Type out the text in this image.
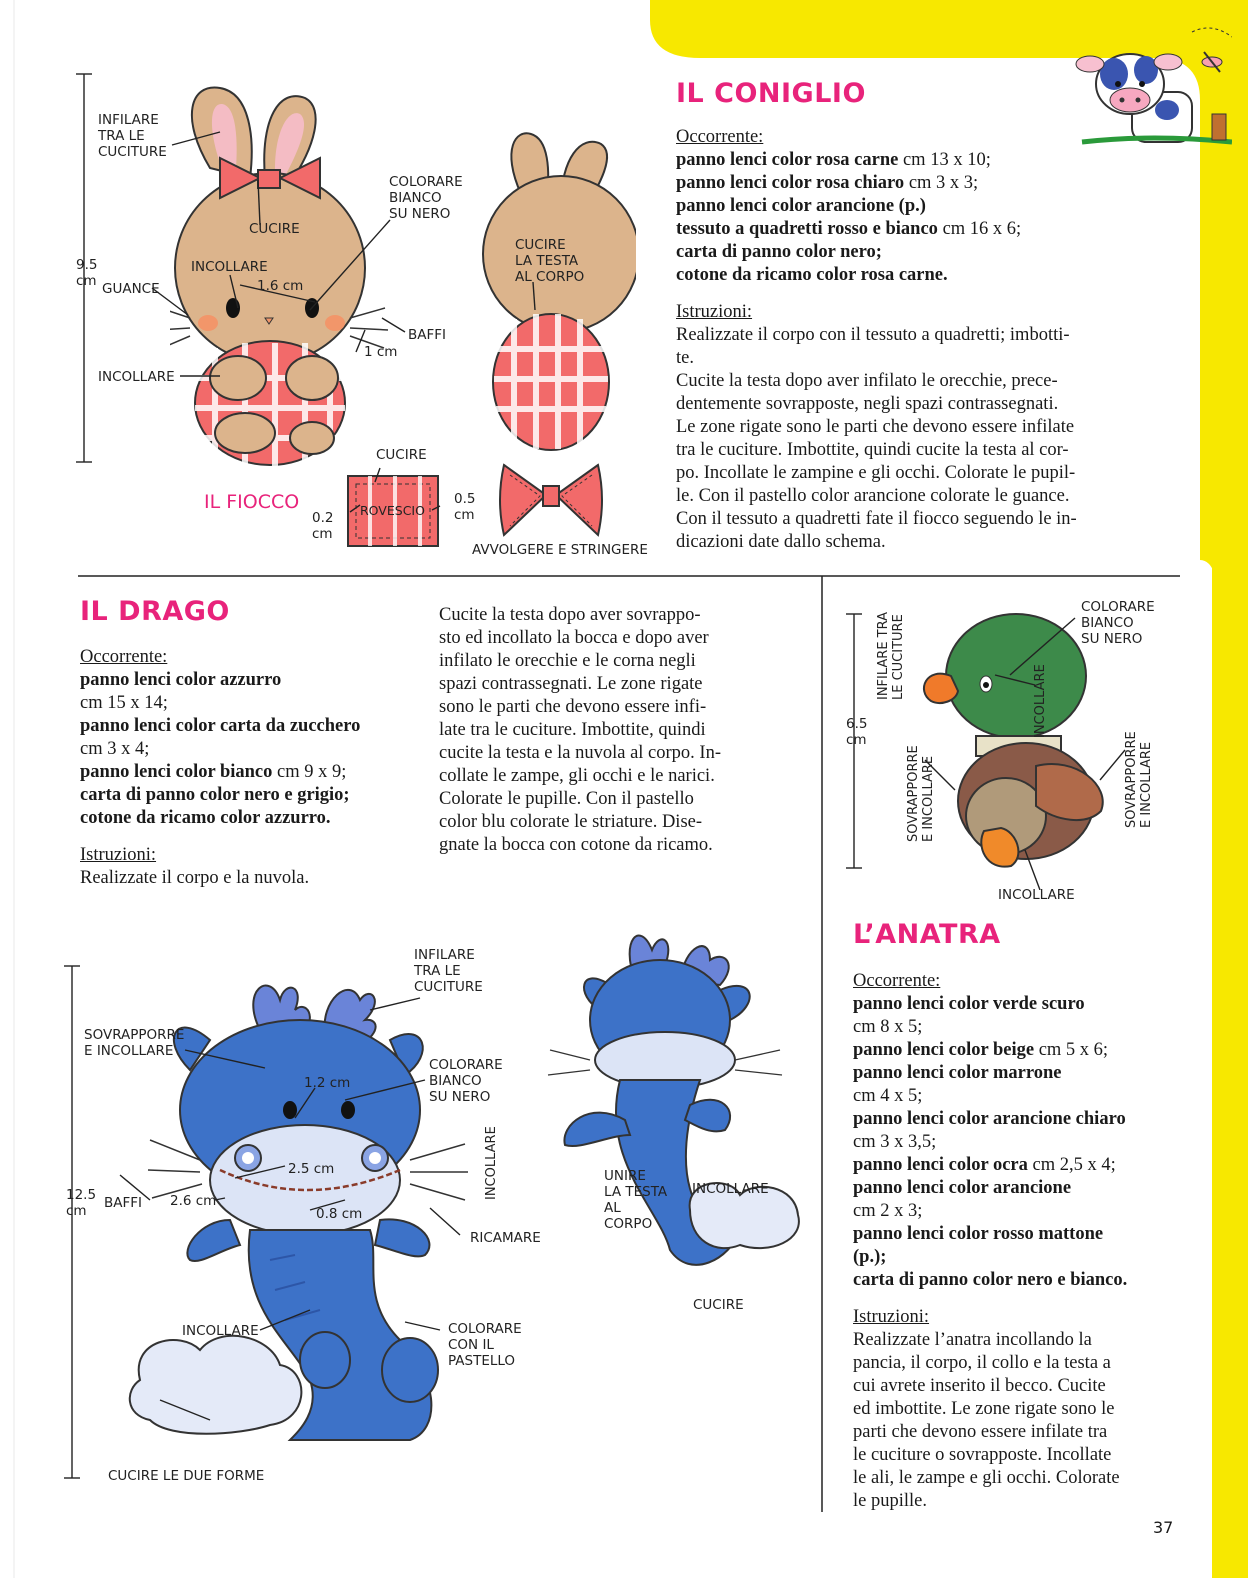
IL CONIGLIO

Occorrente:

panno lenci color rosa carne cm 13 x 10;

panno lenci color rosa chiaro cm 3 x 3;

panno lenci color arancione (p.)

tessuto a quadretti rosso e bianco cm 16 x 6;

carta di panno color nero;

cotone da ricamo color rosa carne.

Istruzioni:

Realizzate il corpo con il tessuto a quadretti; imbotti-

te.

Cucite la testa dopo aver infilato le orecchie, prece-

dentemente sovrapposte, negli spazi contrassegnati.

Le zone rigate sono le parti che devono essere infilate

tra le cuciture. Imbottite, quindi cucite la testa al cor-

po. Incollate le zampine e gli occhi. Colorate le pupil-

le. Con il pastello color arancione colorate le guance.

Con il tessuto a quadretti fate il fiocco seguendo le in-

dicazioni date dallo schema.

INFILARE
TRA LE
CUCITURE
CUCIRE
COLORARE
BIANCO
SU NERO
9.5
cm GUANCE
INCOLLARE
1.6 cm
BAFFI
1 cm
INCOLLARE
CUCIRE
LA TESTA
AL CORPO
CUCIRE
IL FIOCCO	ROVESCIO
0.2
cm
0.5
cm
AVVOLGERE E STRINGERE
IL DRAGO

Occorrente:

panno lenci color azzurro

cm 15 x 14;

panno lenci color carta da zucchero

cm 3 x 4;

panno lenci color bianco cm 9 x 9;

carta di panno color nero e grigio;

cotone da ricamo color azzurro.

Istruzioni:

Realizzate il corpo e la nuvola.

Cucite la testa dopo aver sovrappo-

sto ed incollato la bocca e dopo aver

infilato le orecchie e le corna negli

spazi contrassegnati. Le zone rigate

sono le parti che devono essere infi-

late tra le cuciture. Imbottite, quindi

cucite la testa e la nuvola al corpo. In-

collate le zampe, gli occhi e le narici.

Colorate le pupille. Con il pastello

color blu colorate le striature. Dise-

gnate la bocca con cotone da ricamo.

INFILARE
TRA LE
CUCITURE
SOVRAPPORRE
E INCOLLARE
COLORARE
BIANCO
SU NERO
1.2 cm
INCOLLARE
2.5 cm
12.5
cm	BAFFI 2.6 cm
0.8 cm
RICAMARE
UNIRE
LA TESTA
AL
CORPO
INCOLLARE
CUCIRE
INCOLLARE	COLORARE
CON IL
PASTELLO
CUCIRE LE DUE FORME
INFILARE TRA LE CUCITURE
COLORARE
BIANCO
SU NERO
INCOLLARE
6.5
cm
SOVRAPPORRE E INCOLLARE	SOVRAPPORRE E INCOLLARE
INCOLLARE
L’ANATRA

Occorrente:

panno lenci color verde scuro

cm 8 x 5;

panno lenci color beige cm 5 x 6;

panno lenci color marrone

cm 4 x 5;

panno lenci color arancione chiaro

cm 3 x 3,5;

panno lenci color ocra cm 2,5 x 4;

panno lenci color arancione

cm 2 x 3;

panno lenci color rosso mattone

(p.);

carta di panno color nero e bianco.

Istruzioni:

Realizzate l’anatra incollando la

pancia, il corpo, il collo e la testa a

cui avrete inserito il becco. Cucite

ed imbottite. Le zone rigate sono le

parti che devono essere infilate tra

le cuciture o sovrapposte. Incollate

le ali, le zampe e gli occhi. Colorate

le pupille.

37
